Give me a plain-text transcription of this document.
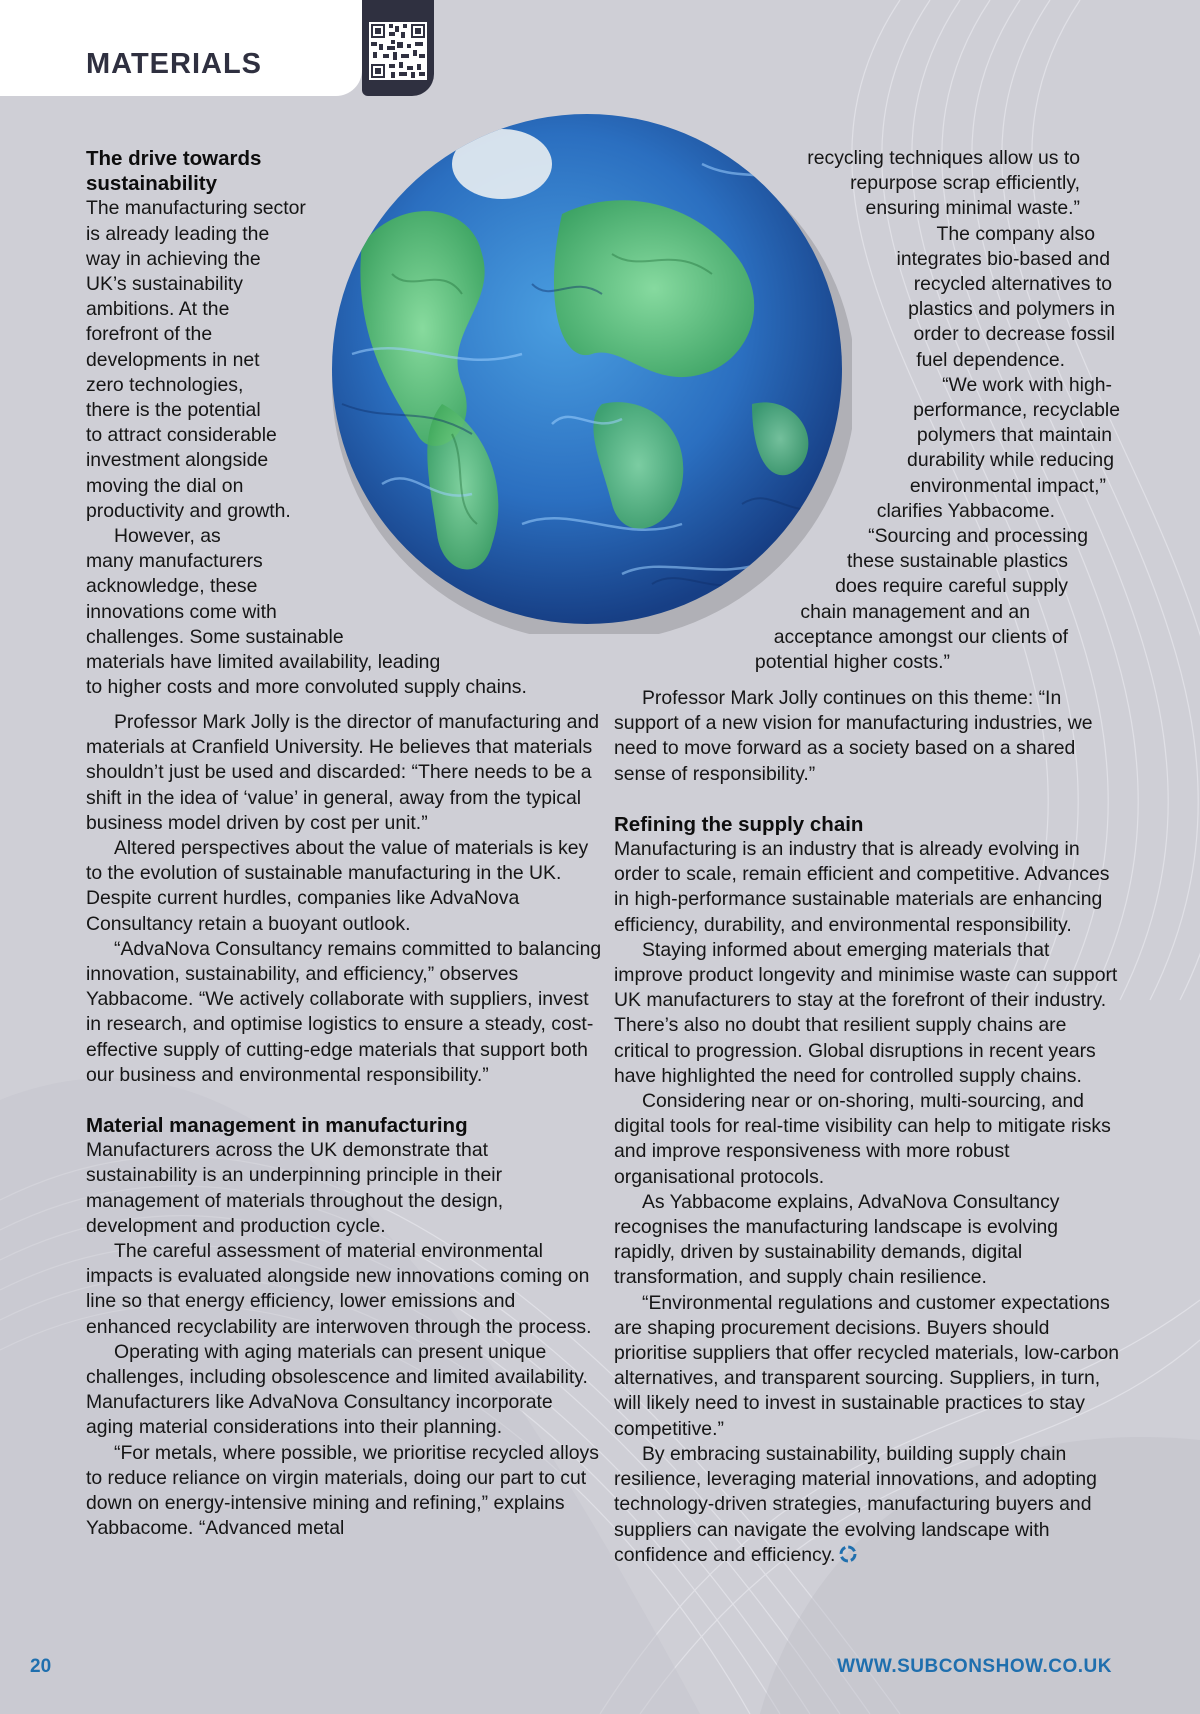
MATERIALS
The drive towards
sustainability
The manufacturing sector
is already leading the
way in achieving the
UK’s sustainability
ambitions. At the
forefront of the
developments in net
zero technologies,
there is the potential
to attract considerable
investment alongside
moving the dial on
productivity and growth.
However, as
many manufacturers
acknowledge, these
innovations come with
challenges. Some sustainable
materials have limited availability, leading
to higher costs and more convoluted supply chains.
recycling techniques allow us to
repurpose scrap efficiently,
ensuring minimal waste.”
The company also
integrates bio-based and
recycled alternatives to
plastics and polymers in
order to decrease fossil
fuel dependence.
“We work with high-
performance, recyclable
polymers that maintain
durability while reducing
environmental impact,”
clarifies Yabbacome.
“Sourcing and processing
these sustainable plastics
does require careful supply
chain management and an
acceptance amongst our clients of
potential higher costs.”

Professor Mark Jolly is the director of manufacturing and materials at Cranfield University. He believes that materials shouldn’t just be used and discarded: “There needs to be a shift in the idea of ‘value’ in general, away from the typical business model driven by cost per unit.”

Altered perspectives about the value of materials is key to the evolution of sustainable manufacturing in the UK. Despite current hurdles, companies like AdvaNova Consultancy retain a buoyant outlook.

“AdvaNova Consultancy remains committed to balancing innovation, sustainability, and efficiency,” observes Yabbacome. “We actively collaborate with suppliers, invest in research, and optimise logistics to ensure a steady, cost-effective supply of cutting-edge materials that support both our business and environmental responsibility.”

Material management in manufacturing

Manufacturers across the UK demonstrate that sustainability is an underpinning principle in their management of materials throughout the design, development and production cycle.

The careful assessment of material environmental impacts is evaluated alongside new innovations coming on line so that energy efficiency, lower emissions and enhanced recyclability are interwoven through the process.

Operating with aging materials can present unique challenges, including obsolescence and limited availability. Manufacturers like AdvaNova Consultancy incorporate aging material considerations into their planning.

“For metals, where possible, we prioritise recycled alloys to reduce reliance on virgin materials, doing our part to cut down on energy-intensive mining and refining,” explains Yabbacome. “Advanced metal

Professor Mark Jolly continues on this theme: “In support of a new vision for manufacturing industries, we need to move forward as a society based on a shared sense of responsibility.”

Refining the supply chain

Manufacturing is an industry that is already evolving in order to scale, remain efficient and competitive. Advances in high-performance sustainable materials are enhancing efficiency, durability, and environmental responsibility.

Staying informed about emerging materials that improve product longevity and minimise waste can support UK manufacturers to stay at the forefront of their industry. There’s also no doubt that resilient supply chains are critical to progression. Global disruptions in recent years have highlighted the need for controlled supply chains.

Considering near or on-shoring, multi-sourcing, and digital tools for real-time visibility can help to mitigate risks and improve responsiveness with more robust organisational protocols.

As Yabbacome explains, AdvaNova Consultancy recognises the manufacturing landscape is evolving rapidly, driven by sustainability demands, digital transformation, and supply chain resilience.

“Environmental regulations and customer expectations are shaping procurement decisions. Buyers should prioritise suppliers that offer recycled materials, low-carbon alternatives, and transparent sourcing. Suppliers, in turn, will likely need to invest in sustainable practices to stay competitive.”

By embracing sustainability, building supply chain resilience, leveraging material innovations, and adopting technology-driven strategies, manufacturing buyers and suppliers can navigate the evolving landscape with confidence and efficiency.

20	WWW.SUBCONSHOW.CO.UK
